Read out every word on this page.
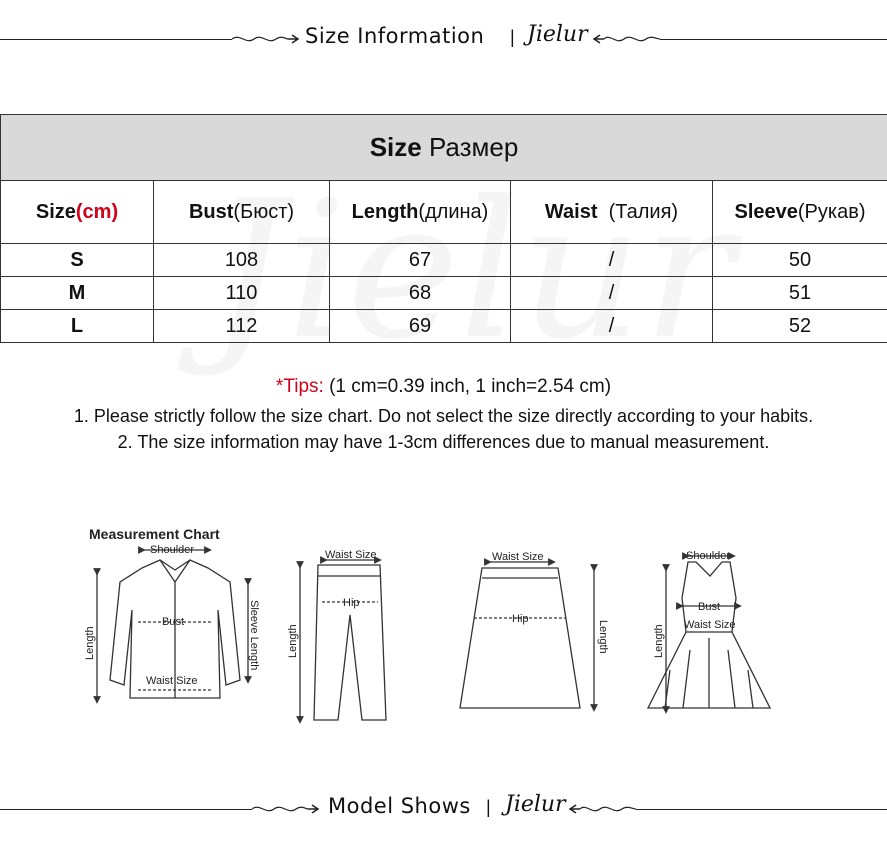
Size Information | Jielur
Size Размер				
Size(cm)	Bust(Бюст)	Length(длина)	Waist  (Талия)	Sleeve(Рукав)
S	108	67	/	50
M	110	68	/	51
L	112	69	/	52
*Tips: (1 cm=0.39 inch, 1 inch=2.54 cm)
1. Please strictly follow the size chart. Do not select the size directly according to your habits.
2. The size information may have 1-3cm differences due to manual measurement.
Measurement Chart
Shoulder
Bust
Waist Size
Length	Sleeve Length
Waist Size
Hip
Length
Waist Size
Hip
Length
Shoulder
Bust
Waist Size
Length
Model Shows | Jielur
